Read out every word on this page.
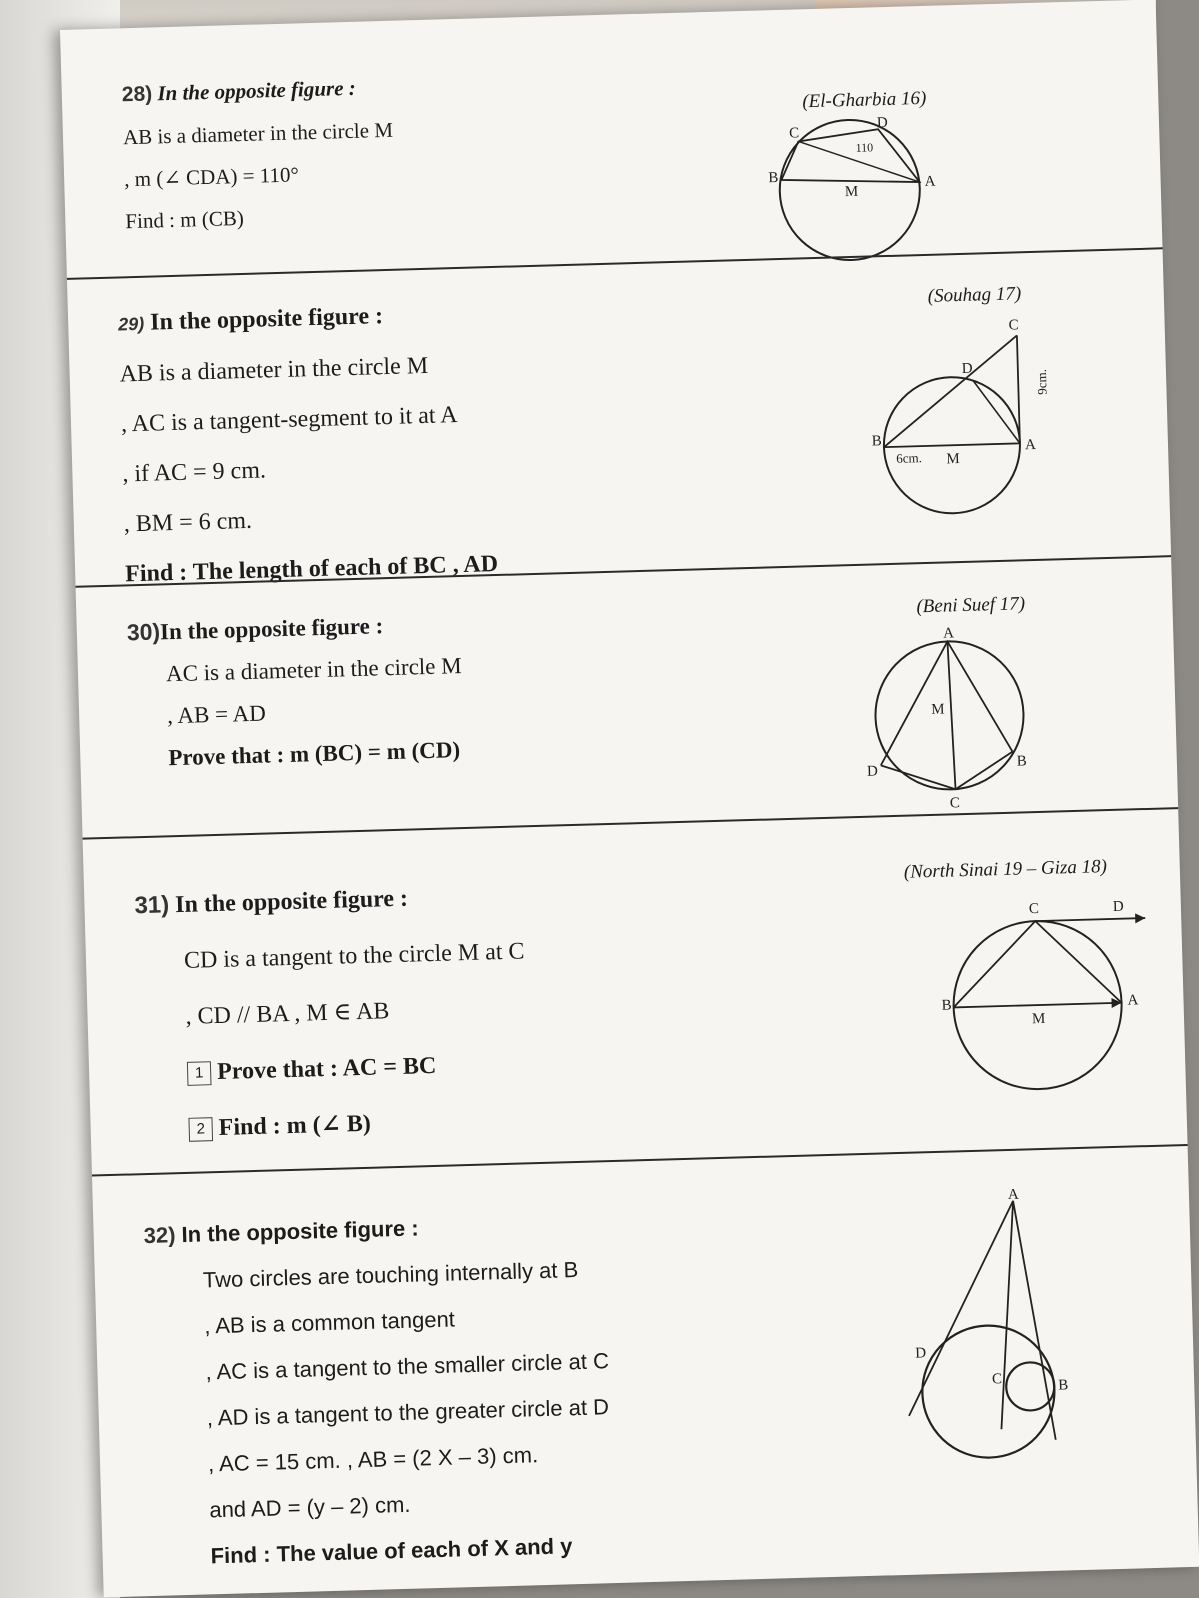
28) In the opposite figure :

AB is a diameter in the circle M

, m (∠ CDA) = 110°

Find : m (CB)

(El-Gharbia 16)
C
D
110
B
M
A

29) In the opposite figure :

AB is a diameter in the circle M

, AC is a tangent-segment to it at A

, if AC = 9 cm.

, BM = 6 cm.

Find : The length of each of BC , AD

(Souhag 17)
C
D
9cm.
B
6cm. M
A

30)In the opposite figure :

AC is a diameter in the circle M

, AB = AD

Prove that : m (BC) = m (CD)

(Beni Suef 17)
A
M
D
B
C

31) In the opposite figure :

CD is a tangent to the circle M at C

, CD // BA , M ∈ AB

1 Prove that : AC = BC

2 Find : m (∠ B)

(North Sinai 19 – Giza 18)
C	D
B
M
A

32) In the opposite figure :

Two circles are touching internally at B

, AB is a common tangent

, AC is a tangent to the smaller circle at C

, AD is a tangent to the greater circle at D

, AC = 15 cm. , AB = (2 X – 3) cm.

and AD = (y – 2) cm.

Find : The value of each of X and y

A
D
C	B
